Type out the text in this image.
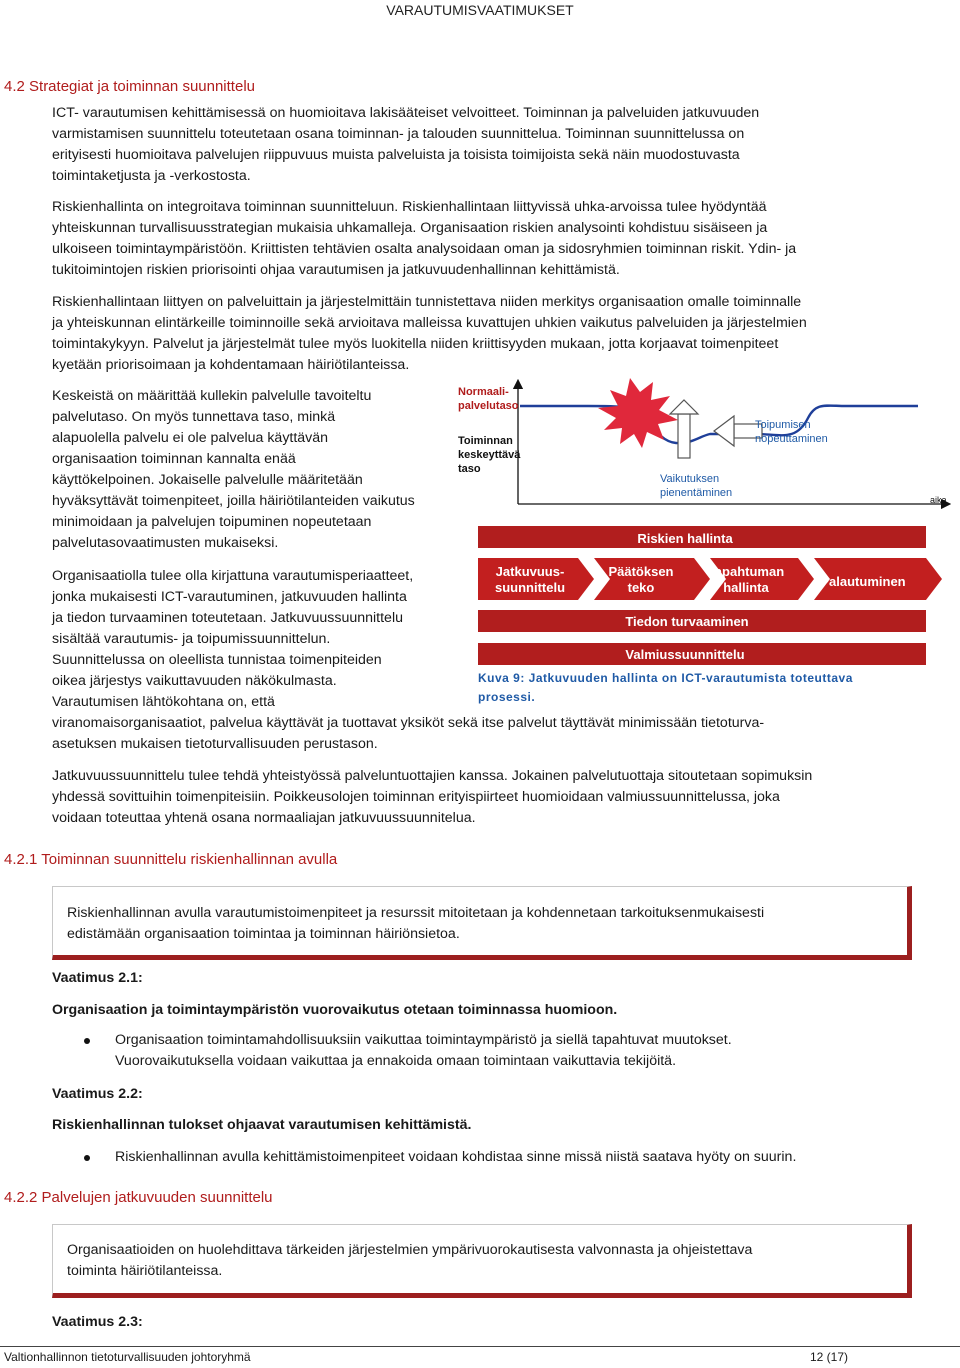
VARAUTUMISVAATIMUKSET
4.2 Strategiat ja toiminnan suunnittelu
ICT- varautumisen kehittämisessä on huomioitava lakisääteiset velvoitteet. Toiminnan ja palveluiden jatkuvuuden
varmistamisen suunnittelu toteutetaan osana toiminnan- ja talouden suunnittelua. Toiminnan suunnittelussa on
erityisesti huomioitava palvelujen riippuvuus muista palveluista ja toisista toimijoista sekä näin muodostuvasta
toimintaketjusta ja -verkostosta.
Riskienhallinta on integroitava toiminnan suunnitteluun. Riskienhallintaan liittyvissä uhka-arvoissa tulee hyödyntää
yhteiskunnan turvallisuusstrategian mukaisia uhkamalleja. Organisaation riskien analysointi kohdistuu sisäiseen ja
ulkoiseen toimintaympäristöön. Kriittisten tehtävien osalta analysoidaan oman ja sidosryhmien toiminnan riskit. Ydin- ja
tukitoimintojen riskien priorisointi ohjaa varautumisen ja jatkuvuudenhallinnan kehittämistä.
Riskienhallintaan liittyen on palveluittain ja järjestelmittäin tunnistettava niiden merkitys organisaation omalle toiminnalle
ja yhteiskunnan elintärkeille toiminnoille sekä arvioitava malleissa kuvattujen uhkien vaikutus palveluiden ja järjestelmien
toimintakykyyn. Palvelut ja järjestelmät tulee myös luokitella niiden kriittisyyden mukaan, jotta korjaavat toimenpiteet
kyetään priorisoimaan ja kohdentamaan häiriötilanteissa.
Keskeistä on määrittää kullekin palvelulle tavoiteltu
palvelutaso. On myös tunnettava taso, minkä
alapuolella palvelu ei ole palvelua käyttävän
organisaation toiminnan kannalta enää
käyttökelpoinen. Jokaiselle palvelulle määritetään
hyväksyttävät toimenpiteet, joilla häiriötilanteiden vaikutus
minimoidaan ja palvelujen toipuminen nopeutetaan
palvelutasovaatimusten mukaiseksi.
Organisaatiolla tulee olla kirjattuna varautumisperiaatteet,
jonka mukaisesti ICT-varautuminen, jatkuvuuden hallinta
ja tiedon turvaaminen toteutetaan. Jatkuvuussuunnittelu
sisältää varautumis- ja toipumissuunnittelun.
Suunnittelussa on oleellista tunnistaa toimenpiteiden
oikea järjestys vaikuttavuuden näkökulmasta.
Varautumisen lähtökohtana on, että
viranomaisorganisaatiot, palvelua käyttävät ja tuottavat yksiköt sekä itse palvelut täyttävät minimissään tietoturva-
asetuksen mukaisen tietoturvallisuuden perustason.
Jatkuvuussuunnittelu tulee tehdä yhteistyössä palveluntuottajien kanssa. Jokainen palvelutuottaja sitoutetaan sopimuksin
yhdessä sovittuihin toimenpiteisiin. Poikkeusolojen toiminnan erityispiirteet huomioidaan valmiussuunnittelussa, joka
voidaan toteuttaa yhtenä osana normaaliajan jatkuvuussuunnitelua.
Normaali-
palvelutaso
Toiminnan
keskeyttävä
taso
Toipumisen
nopeuttaminen
Vaikutuksen
pienentäminen
aika
Riskien hallinta
Jatkuvuus-
suunnittelu
Päätöksen
teko
Tapahtuman
hallinta	Palautuminen
Tiedon turvaaminen
Valmiussuunnittelu
Kuva 9: Jatkuvuuden hallinta on ICT-varautumista toteuttava
prosessi.
4.2.1 Toiminnan suunnittelu riskienhallinnan avulla
Riskienhallinnan avulla varautumistoimenpiteet ja resurssit mitoitetaan ja kohdennetaan tarkoituksenmukaisesti
edistämään organisaation toimintaa ja toiminnan häiriönsietoa.
Vaatimus 2.1:
Organisaation ja toimintaympäristön vuorovaikutus otetaan toiminnassa huomioon.
Organisaation toimintamahdollisuuksiin vaikuttaa toimintaympäristö ja siellä tapahtuvat muutokset.
Vuorovaikutuksella voidaan vaikuttaa ja ennakoida omaan toimintaan vaikuttavia tekijöitä.
Vaatimus 2.2:
Riskienhallinnan tulokset ohjaavat varautumisen kehittämistä.
Riskienhallinnan avulla kehittämistoimenpiteet voidaan kohdistaa sinne missä niistä saatava hyöty on suurin.
4.2.2 Palvelujen jatkuvuuden suunnittelu
Organisaatioiden on huolehdittava tärkeiden järjestelmien ympärivuorokautisesta valvonnasta ja ohjeistettava
toiminta häiriötilanteissa.
Vaatimus 2.3:
Valtionhallinnon tietoturvallisuuden johtoryhmä	12 (17)
